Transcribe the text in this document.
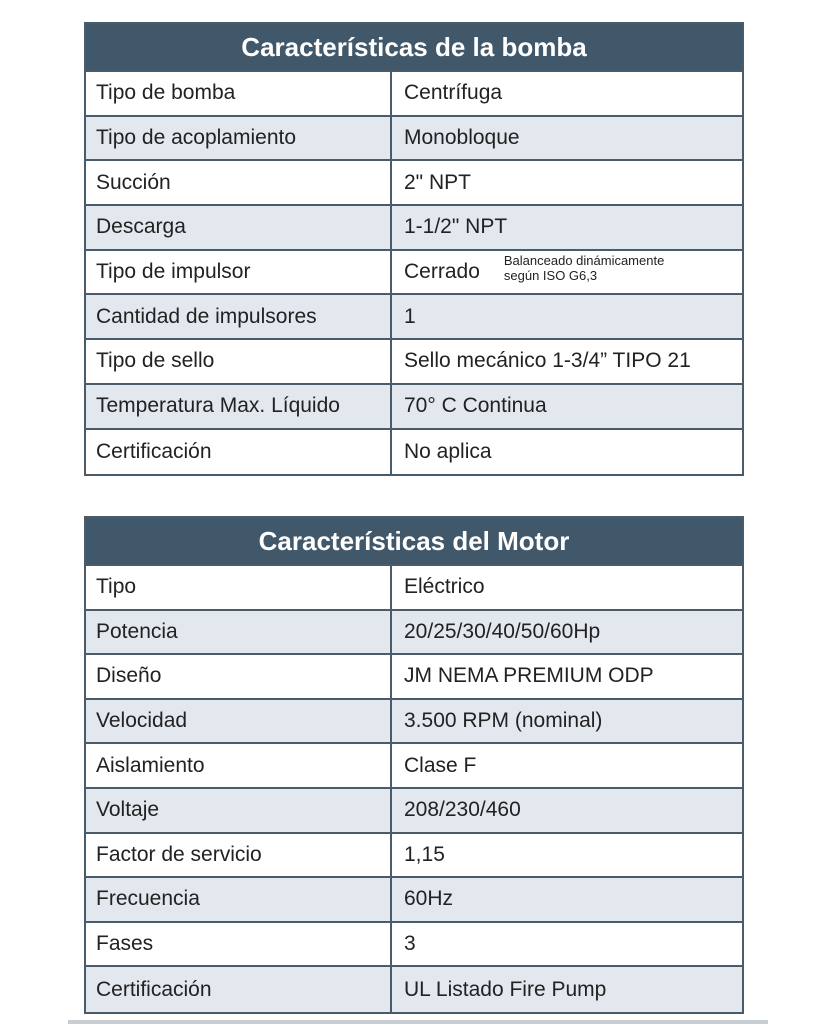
Características de la bomba
Tipo de bomba	Centrífuga
Tipo de acoplamiento	Monobloque
Succión	2" NPT
Descarga	1-1/2" NPT
Tipo de impulsor	Cerrado Balanceado dinámicamente
según ISO G6,3
Cantidad de impulsores	1
Tipo de sello	Sello mecánico 1-3/4” TIPO 21
Temperatura Max. Líquido	70° C Continua
Certificación	No aplica
Características del Motor
Tipo	Eléctrico
Potencia	20/25/30/40/50/60Hp
Diseño	JM NEMA PREMIUM ODP
Velocidad	3.500 RPM (nominal)
Aislamiento	Clase F
Voltaje	208/230/460
Factor de servicio	1,15
Frecuencia	60Hz
Fases	3
Certificación	UL Listado Fire Pump
